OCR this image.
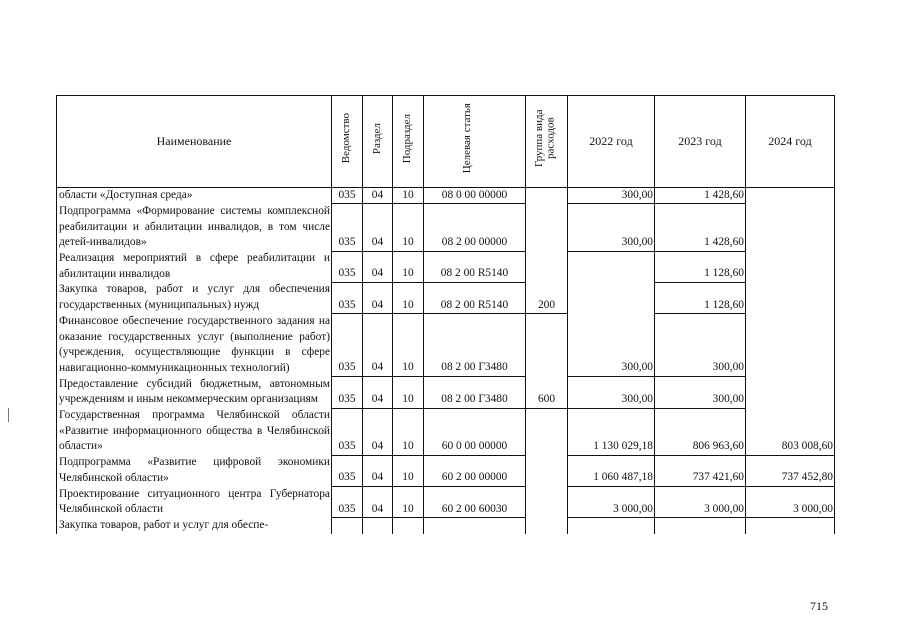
Наименование	Ведомство	Раздел	Подраздел	Целевая статья	Группа вида расходов	2022 год	2023 год	2024 год
области «Доступная среда»	035	04	10	08 0 00 00000		300,00	1 428,60	
Подпрограмма «Формирование системы комплексной реабилитации и абилитации инвалидов, в том числе детей-инвалидов»	035	04	10	08 2 00 00000		300,00	1 428,60	
Реализация мероприятий в сфере реабилитации и абилитации инвалидов	035	04	10	08 2 00 R5140			1 128,60	
Закупка товаров, работ и услуг для обеспечения государственных (муниципальных) нужд	035	04	10	08 2 00 R5140	200		1 128,60	
Финансовое обеспечение государственного задания на оказание государственных услуг (выполнение работ) (учреждения, осуществляющие функции в сфере навигационно-коммуникационных технологий)	035	04	10	08 2 00 Г3480		300,00	300,00	
Предоставление субсидий бюджетным, автономным учреждениям и иным некоммерческим организациям	035	04	10	08 2 00 Г3480	600	300,00	300,00	
Государственная программа Челябинской области «Развитие информационного общества в Челябинской области»	035	04	10	60 0 00 00000		1 130 029,18	806 963,60	803 008,60
Подпрограмма «Развитие цифровой экономики Челябинской области»	035	04	10	60 2 00 00000		1 060 487,18	737 421,60	737 452,80
Проектирование ситуационного центра Губернатора Челябинской области	035	04	10	60 2 00 60030		3 000,00	3 000,00	3 000,00
Закупка товаров, работ и услуг для обеспе-								
715
